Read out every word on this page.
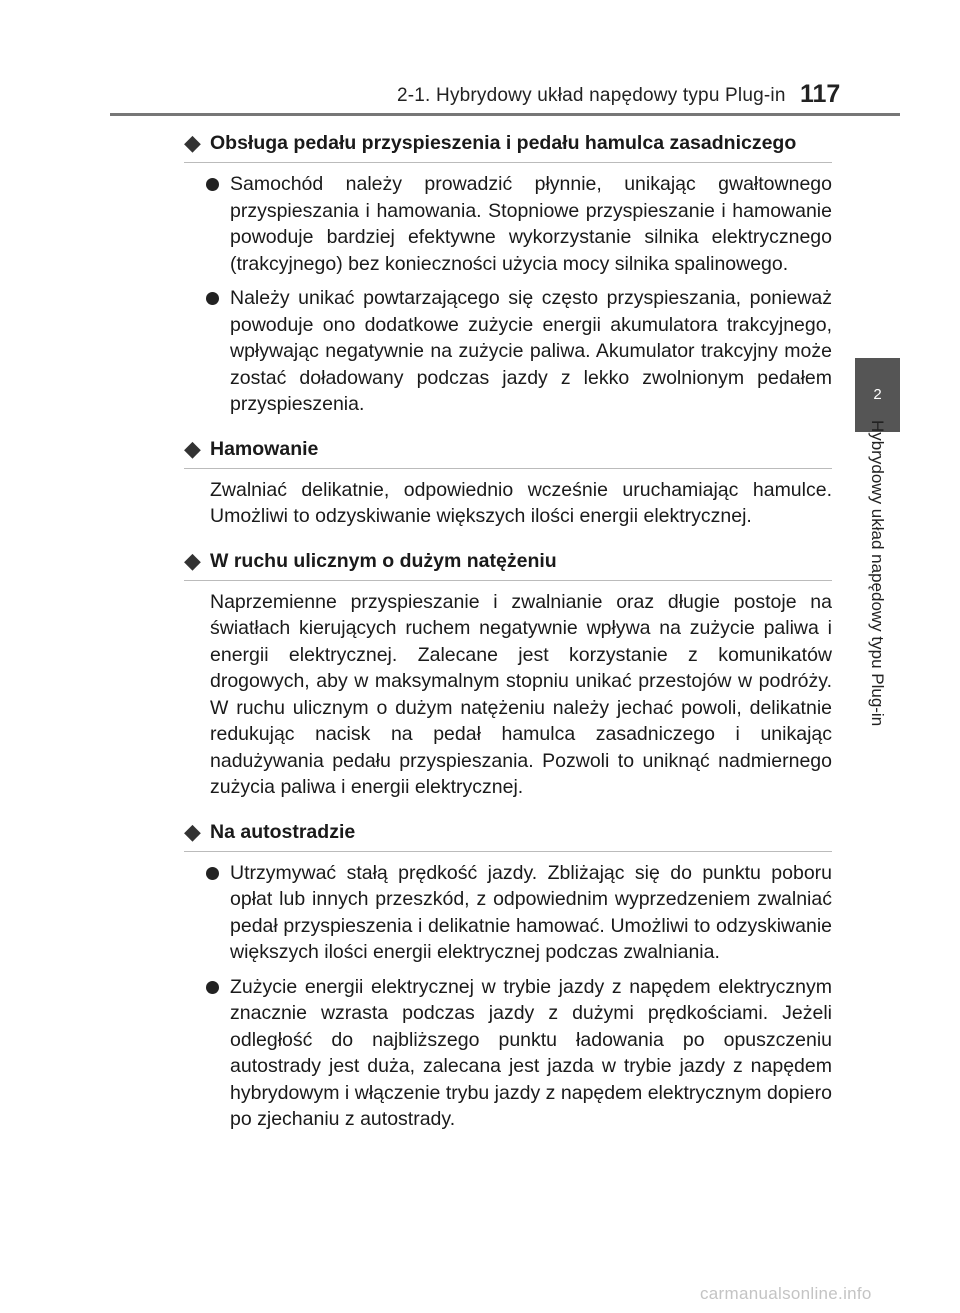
2-1. Hybrydowy układ napędowy typu Plug-in 117
2
Hybrydowy układ napędowy typu Plug-in
◆ Obsługa pedału przyspieszenia i pedału hamulca zasadniczego
Samochód należy prowadzić płynnie, unikając gwałtownego przyspieszania i hamowania. Stopniowe przyspieszanie i hamowanie powoduje bardziej efektywne wykorzystanie silnika elektrycznego (trakcyjnego) bez konieczności użycia mocy silnika spalinowego.
Należy unikać powtarzającego się często przyspieszania, ponieważ powoduje ono dodatkowe zużycie energii akumulatora trakcyjnego, wpływając negatywnie na zużycie paliwa. Akumulator trakcyjny może zostać doładowany podczas jazdy z lekko zwolnionym pedałem przyspieszenia.
◆ Hamowanie
Zwalniać delikatnie, odpowiednio wcześnie uruchamiając hamulce. Umożliwi to odzyskiwanie większych ilości energii elektrycznej.
◆ W ruchu ulicznym o dużym natężeniu
Naprzemienne przyspieszanie i zwalnianie oraz długie postoje na światłach kierujących ruchem negatywnie wpływa na zużycie paliwa i energii elektrycznej. Zalecane jest korzystanie z komunikatów drogowych, aby w maksymalnym stopniu unikać przestojów w podróży. W ruchu ulicznym o dużym natężeniu należy jechać powoli, delikatnie redukując nacisk na pedał hamulca zasadniczego i unikając nadużywania pedału przyspieszania. Pozwoli to uniknąć nadmiernego zużycia paliwa i energii elektrycznej.
◆ Na autostradzie
Utrzymywać stałą prędkość jazdy. Zbliżając się do punktu poboru opłat lub innych przeszkód, z odpowiednim wyprzedzeniem zwalniać pedał przyspieszenia i delikatnie hamować. Umożliwi to odzyskiwanie większych ilości energii elektrycznej podczas zwalniania.
Zużycie energii elektrycznej w trybie jazdy z napędem elektrycznym znacznie wzrasta podczas jazdy z dużymi prędkościami. Jeżeli odległość do najbliższego punktu ładowania po opuszczeniu autostrady jest duża, zalecana jest jazda w trybie jazdy z napędem hybrydowym i włączenie trybu jazdy z napędem elektrycznym dopiero po zjechaniu z autostrady.
carmanualsonline.info
